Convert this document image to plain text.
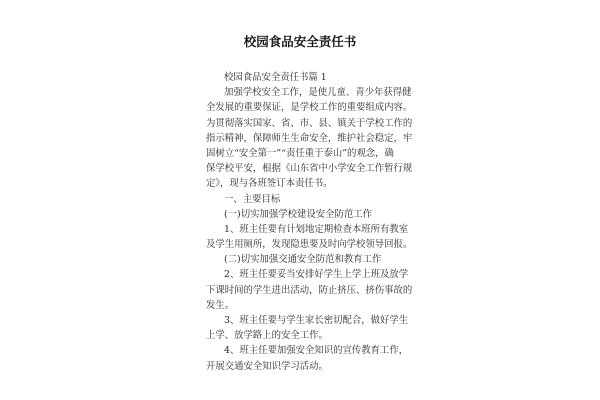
校园食品安全责任书
校园食品安全责任书篇 1
加强学校安全工作，是使儿童、青少年获得健
全发展的重要保证，是学校工作的重要组成内容。
为贯彻落实国家、省、市、县、镇关于学校工作的
指示精神，保障师生生命安全，维护社会稳定，牢
固树立“安全第一”“责任重于泰山”的观念，确
保学校平安，根据《山东省中小学安全工作暂行规
定》，现与各班签订本责任书。
一、主要目标
(一)切实加强学校建设安全防范工作
1、班主任要有计划地定期检查本班所有教室
及学生用厕所，发现隐患要及时向学校领导回报。
(二)切实加强交通安全防范和教育工作
2、班主任要妥当安排好学生上学上班及放学
下课时间的学生进出活动，防止挤压、挤伤事故的
发生。
3、班主任要与学生家长密切配合，做好学生
上学、放学路上的安全工作。
4、班主任要加强安全知识的宣传教育工作，
开展交通安全知识学习活动。
